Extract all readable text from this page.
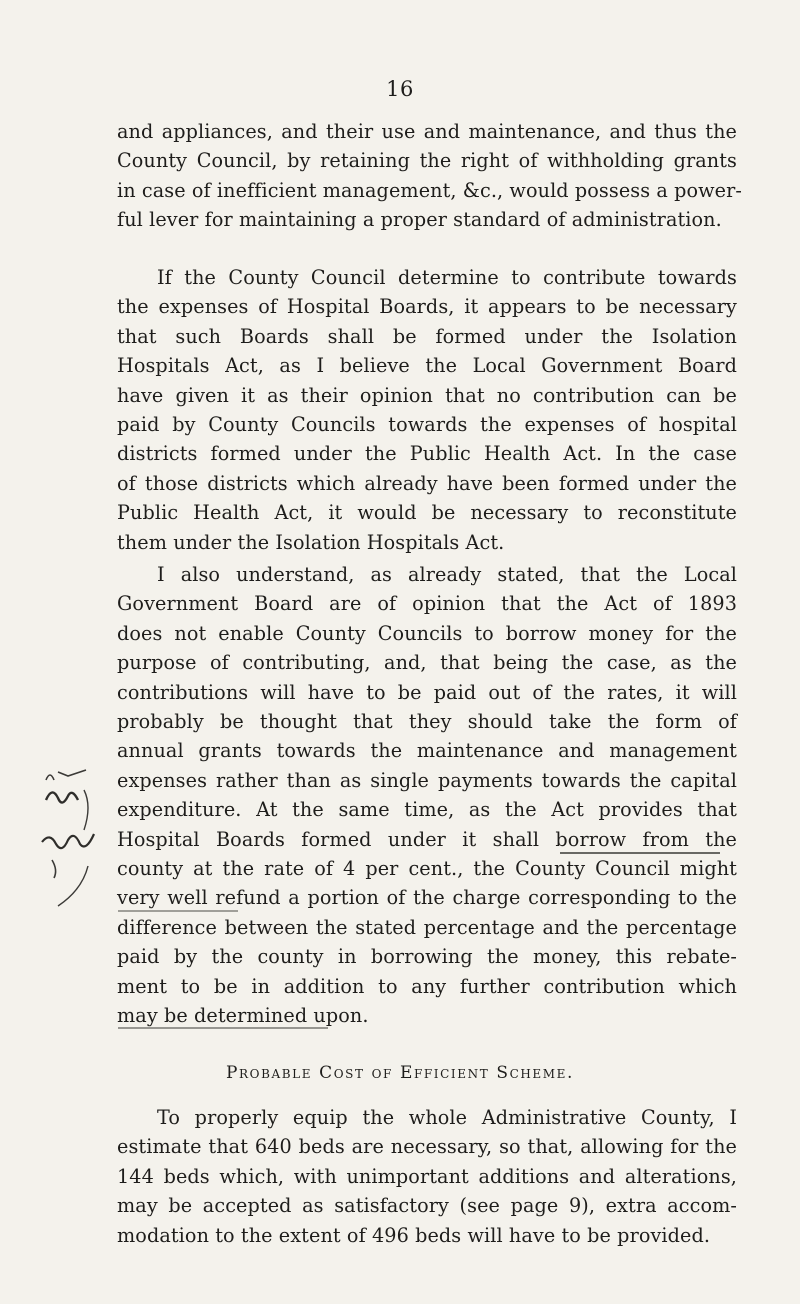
16
and appliances, and their use and maintenance, and thus the
County Council, by retaining the right of withholding grants
in case of inefficient management, &c., would possess a power-
ful lever for maintaining a proper standard of administration.
If the County Council determine to contribute towards
the expenses of Hospital Boards, it appears to be necessary
that such Boards shall be formed under the Isolation
Hospitals Act, as I believe the Local Government Board
have given it as their opinion that no contribution can be
paid by County Councils towards the expenses of hospital
districts formed under the Public Health Act. In the case
of those districts which already have been formed under the
Public Health Act, it would be necessary to reconstitute
them under the Isolation Hospitals Act.
I also understand, as already stated, that the Local
Government Board are of opinion that the Act of 1893
does not enable County Councils to borrow money for the
purpose of contributing, and, that being the case, as the
contributions will have to be paid out of the rates, it will
probably be thought that they should take the form of
annual grants towards the maintenance and management
expenses rather than as single payments towards the capital
expenditure. At the same time, as the Act provides that
Hospital Boards formed under it shall borrow from the
county at the rate of 4 per cent., the County Council might
very well refund a portion of the charge corresponding to the
difference between the stated percentage and the percentage
paid by the county in borrowing the money, this rebate-
ment to be in addition to any further contribution which
may be determined upon.
Probable Cost of Efficient Scheme.
To properly equip the whole Administrative County, I
estimate that 640 beds are necessary, so that, allowing for the
144 beds which, with unimportant additions and alterations,
may be accepted as satisfactory (see page 9), extra accom-
modation to the extent of 496 beds will have to be provided.
